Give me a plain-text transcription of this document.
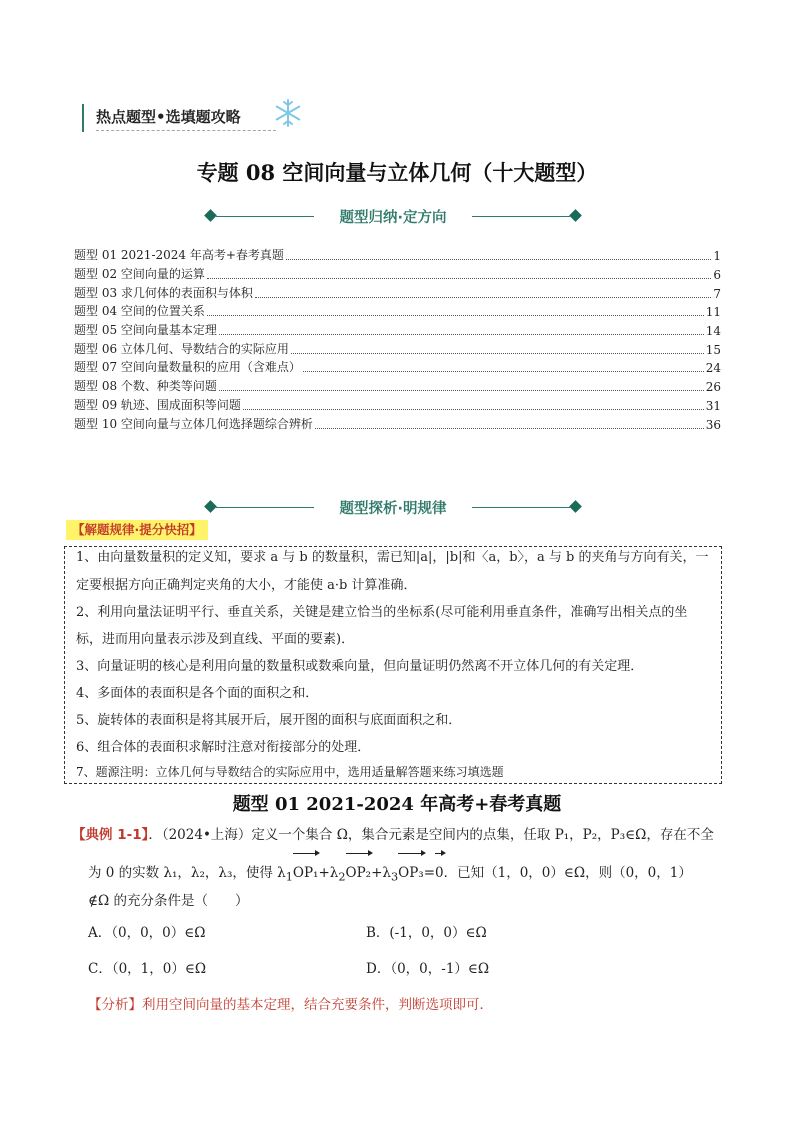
热点题型•选填题攻略
专题 08 空间向量与立体几何（十大题型）
题型归纳·定方向
题型 01 2021-2024 年高考+春考真题	1
题型 02 空间向量的运算	6
题型 03 求几何体的表面积与体积	7
题型 04 空间的位置关系	11
题型 05 空间向量基本定理	14
题型 06 立体几何、导数结合的实际应用	15
题型 07 空间向量数量积的应用（含难点）	24
题型 08 个数、种类等问题	26
题型 09 轨迹、围成面积等问题	31
题型 10 空间向量与立体几何选择题综合辨析	36
题型探析·明规律
【解题规律·提分快招】
1、由向量数量积的定义知，要求 a 与 b 的数量积，需已知|a|，|b|和〈a，b〉，a 与 b 的夹角与方向有关，一
定要根据方向正确判定夹角的大小，才能使 a·b 计算准确．
2、利用向量法证明平行、垂直关系，关键是建立恰当的坐标系(尽可能利用垂直条件，准确写出相关点的坐
标，进而用向量表示涉及到直线、平面的要素)．
3、向量证明的核心是利用向量的数量积或数乘向量，但向量证明仍然离不开立体几何的有关定理．
4、多面体的表面积是各个面的面积之和．
5、旋转体的表面积是将其展开后，展开图的面积与底面面积之和．
6、组合体的表面积求解时注意对衔接部分的处理．
7、题源注明：立体几何与导数结合的实际应用中，选用适量解答题来练习填选题
题型 01 2021-2024 年高考+春考真题
【典例 1-1】．（2024•上海）定义一个集合 Ω，集合元素是空间内的点集，任取 P₁，P₂，P₃∈Ω，存在不全
为 0 的实数 λ₁，λ₂，λ₃，使得 $\lambda_1OP_1+\lambda_2OP_2+\lambda_3OP_3=0$．已知（1，0，0）∈Ω，则（0，0，1）
∉Ω 的充分条件是（　　）
A．（0，0，0）∈Ω	B．(-1，0，0）∈Ω
C．（0，1，0）∈Ω	D．（0，0，-1）∈Ω
【分析】利用空间向量的基本定理，结合充要条件，判断选项即可．
